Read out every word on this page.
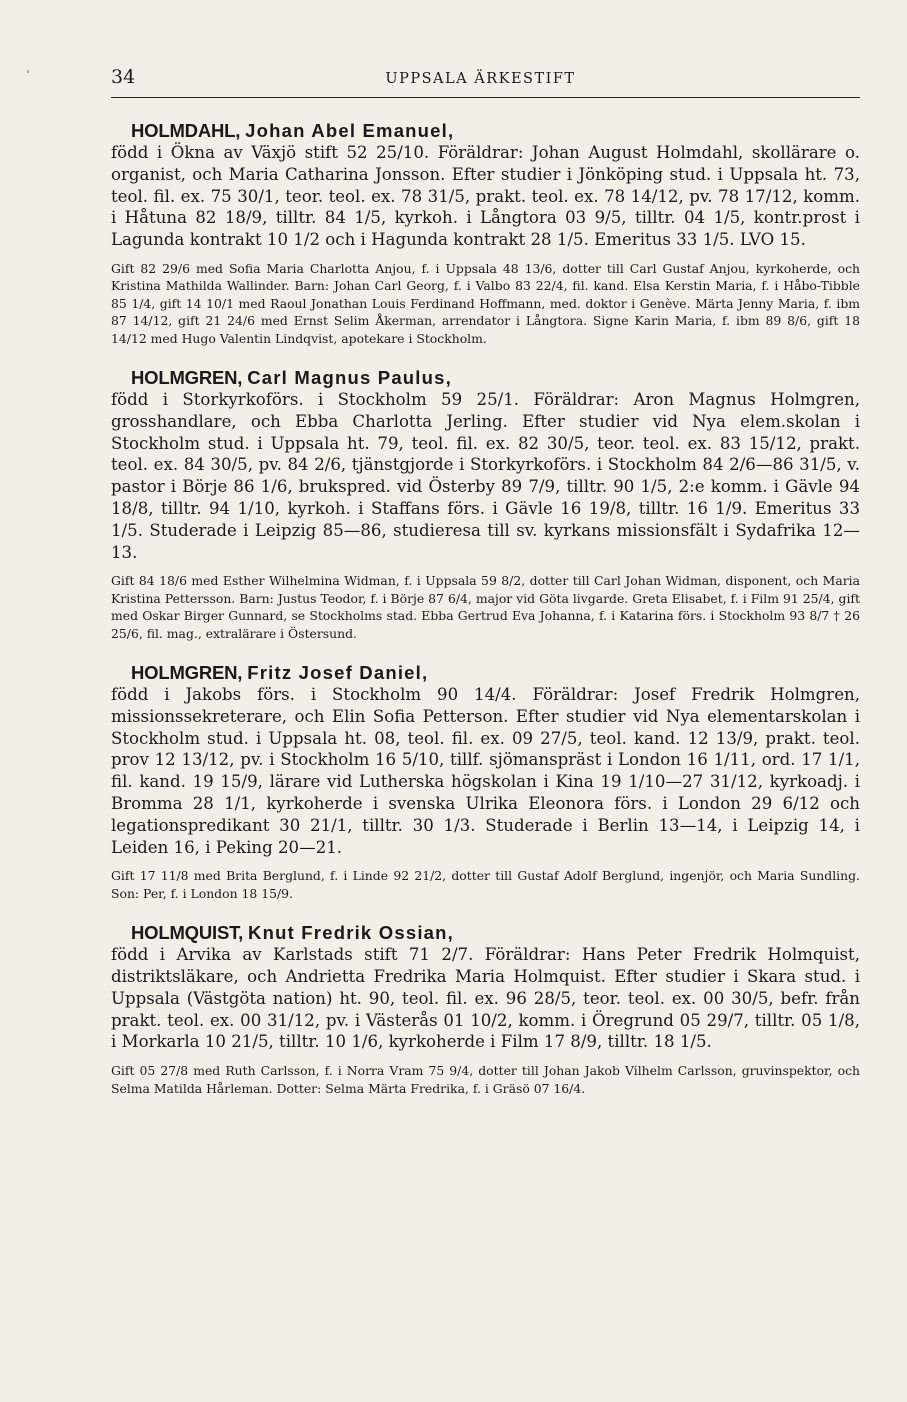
34	UPPSALA ÄRKESTIFT

HOLMDAHL, Johan Abel Emanuel,

född i Ökna av Växjö stift 52 25/10. Föräldrar: Johan August Holmdahl, skollärare o. organist, och Maria Catharina Jonsson. Efter studier i Jönköping stud. i Uppsala ht. 73, teol. fil. ex. 75 30/1, teor. teol. ex. 78 31/5, prakt. teol. ex. 78 14/12, pv. 78 17/12, komm. i Håtuna 82 18/9, tilltr. 84 1/5, kyrkoh. i Långtora 03 9/5, tilltr. 04 1/5, kontr.prost i Lagunda kontrakt 10 1/2 och i Hagunda kontrakt 28 1/5. Emeritus 33 1/5. LVO 15.

Gift 82 29/6 med Sofia Maria Charlotta Anjou, f. i Uppsala 48 13/6, dotter till Carl Gustaf Anjou, kyrkoherde, och Kristina Mathilda Wallinder. Barn: Johan Carl Georg, f. i Valbo 83 22/4, fil. kand. Elsa Kerstin Maria, f. i Håbo-Tibble 85 1/4, gift 14 10/1 med Raoul Jonathan Louis Ferdinand Hoffmann, med. doktor i Genève. Märta Jenny Maria, f. ibm 87 14/12, gift 21 24/6 med Ernst Selim Åkerman, arrendator i Långtora. Signe Karin Maria, f. ibm 89 8/6, gift 18 14/12 med Hugo Valentin Lindqvist, apotekare i Stockholm.

HOLMGREN, Carl Magnus Paulus,

född i Storkyrkoförs. i Stockholm 59 25/1. Föräldrar: Aron Magnus Holmgren, grosshandlare, och Ebba Charlotta Jerling. Efter studier vid Nya elem.skolan i Stockholm stud. i Uppsala ht. 79, teol. fil. ex. 82 30/5, teor. teol. ex. 83 15/12, prakt. teol. ex. 84 30/5, pv. 84 2/6, tjänstgjorde i Storkyrkoförs. i Stockholm 84 2/6—86 31/5, v. pastor i Börje 86 1/6, brukspred. vid Österby 89 7/9, tilltr. 90 1/5, 2:e komm. i Gävle 94 18/8, tilltr. 94 1/10, kyrkoh. i Staffans förs. i Gävle 16 19/8, tilltr. 16 1/9. Emeritus 33 1/5. Studerade i Leipzig 85—86, studieresa till sv. kyrkans missionsfält i Sydafrika 12—13.

Gift 84 18/6 med Esther Wilhelmina Widman, f. i Uppsala 59 8/2, dotter till Carl Johan Widman, disponent, och Maria Kristina Pettersson. Barn: Justus Teodor, f. i Börje 87 6/4, major vid Göta livgarde. Greta Elisabet, f. i Film 91 25/4, gift med Oskar Birger Gunnard, se Stockholms stad. Ebba Gertrud Eva Johanna, f. i Katarina förs. i Stockholm 93 8/7 † 26 25/6, fil. mag., extralärare i Östersund.

HOLMGREN, Fritz Josef Daniel,

född i Jakobs förs. i Stockholm 90 14/4. Föräldrar: Josef Fredrik Holmgren, missionssekreterare, och Elin Sofia Petterson. Efter studier vid Nya elementarskolan i Stockholm stud. i Uppsala ht. 08, teol. fil. ex. 09 27/5, teol. kand. 12 13/9, prakt. teol. prov 12 13/12, pv. i Stockholm 16 5/10, tillf. sjömanspräst i London 16 1/11, ord. 17 1/1, fil. kand. 19 15/9, lärare vid Lutherska högskolan i Kina 19 1/10—27 31/12, kyrkoadj. i Bromma 28 1/1, kyrkoherde i svenska Ulrika Eleonora förs. i London 29 6/12 och legationspredikant 30 21/1, tilltr. 30 1/3. Studerade i Berlin 13—14, i Leipzig 14, i Leiden 16, i Peking 20—21.

Gift 17 11/8 med Brita Berglund, f. i Linde 92 21/2, dotter till Gustaf Adolf Berglund, ingenjör, och Maria Sundling. Son: Per, f. i London 18 15/9.

HOLMQUIST, Knut Fredrik Ossian,

född i Arvika av Karlstads stift 71 2/7. Föräldrar: Hans Peter Fredrik Holmquist, distriktsläkare, och Andrietta Fredrika Maria Holmquist. Efter studier i Skara stud. i Uppsala (Västgöta nation) ht. 90, teol. fil. ex. 96 28/5, teor. teol. ex. 00 30/5, befr. från prakt. teol. ex. 00 31/12, pv. i Västerås 01 10/2, komm. i Öregrund 05 29/7, tilltr. 05 1/8, i Morkarla 10 21/5, tilltr. 10 1/6, kyrkoherde i Film 17 8/9, tilltr. 18 1/5.

Gift 05 27/8 med Ruth Carlsson, f. i Norra Vram 75 9/4, dotter till Johan Jakob Vilhelm Carlsson, gruvinspektor, och Selma Matilda Hårleman. Dotter: Selma Märta Fredrika, f. i Gräsö 07 16/4.
